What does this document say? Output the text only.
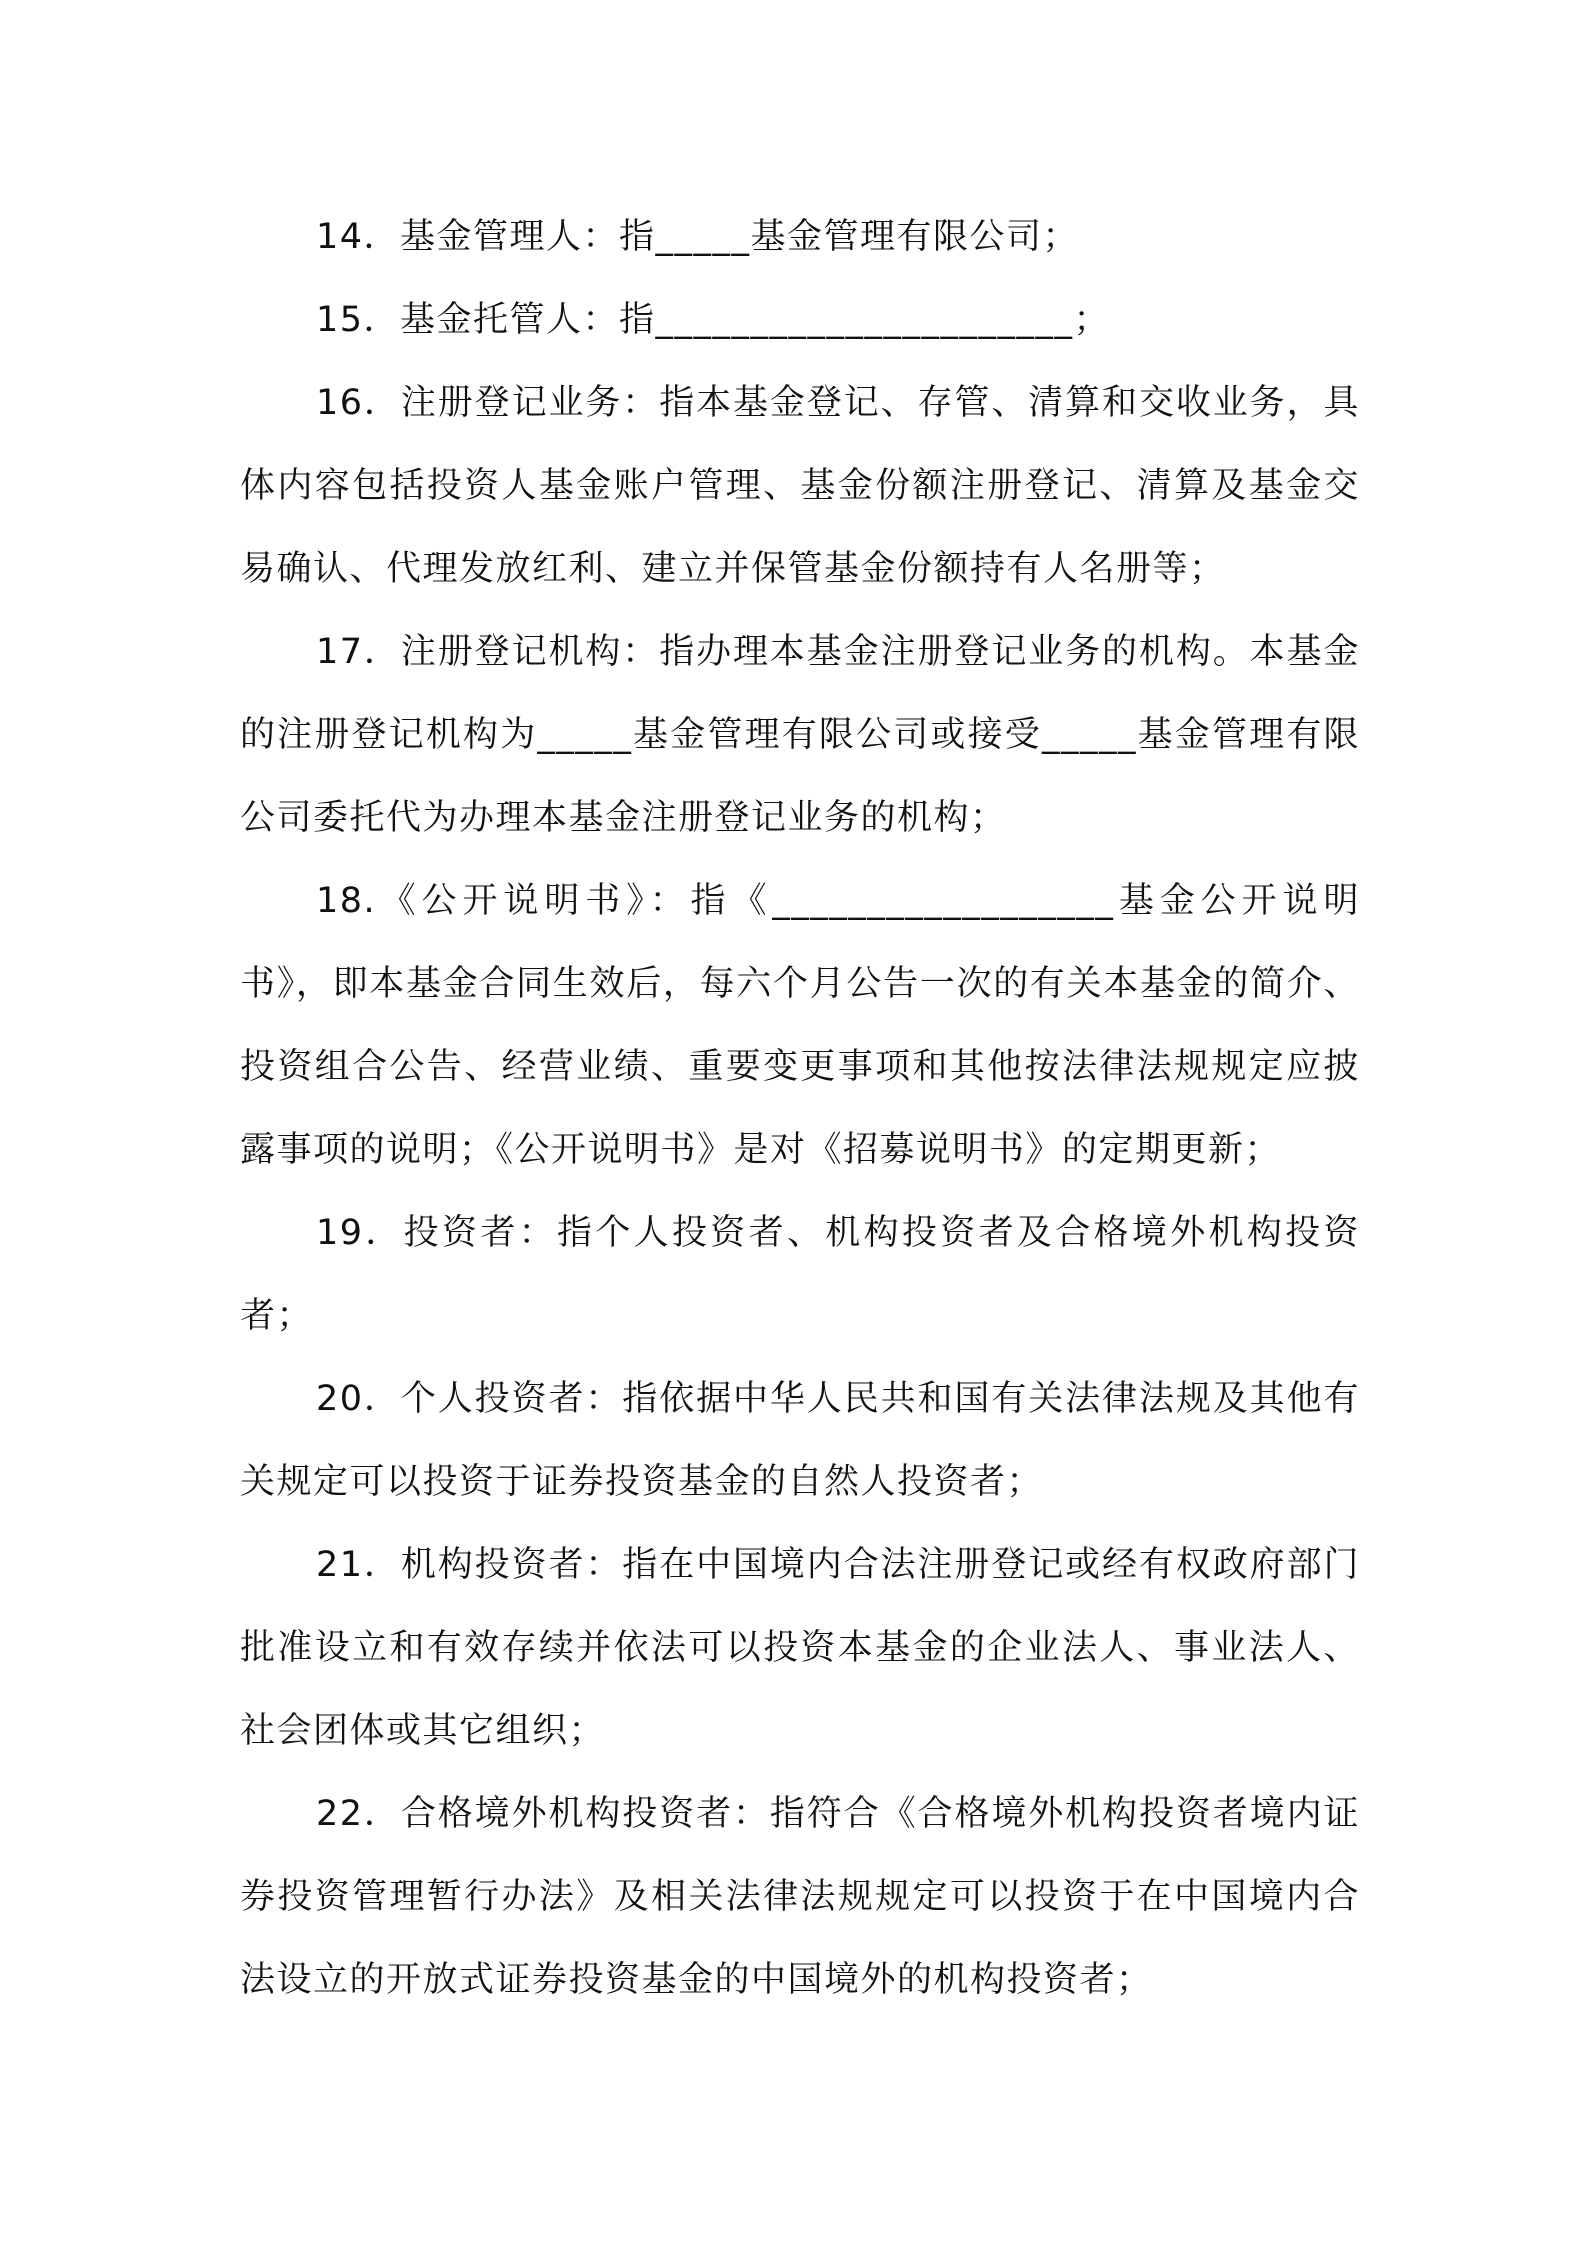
14．基金管理人：指_____基金管理有限公司；

15．基金托管人：指______________________；

16．注册登记业务：指本基金登记、存管、清算和交收业务，具体内容包括投资人基金账户管理、基金份额注册登记、清算及基金交易确认、代理发放红利、建立并保管基金份额持有人名册等；

17．注册登记机构：指办理本基金注册登记业务的机构。本基金的注册登记机构为_____基金管理有限公司或接受_____基金管理有限公司委托代为办理本基金注册登记业务的机构；

18.《公开说明书》：指《__________________基金公开说明书》，即本基金合同生效后，每六个月公告一次的有关本基金的简介、投资组合公告、经营业绩、重要变更事项和其他按法律法规规定应披露事项的说明；《公开说明书》是对《招募说明书》的定期更新；

19．投资者：指个人投资者、机构投资者及合格境外机构投资者；

20．个人投资者：指依据中华人民共和国有关法律法规及其他有关规定可以投资于证券投资基金的自然人投资者；

21．机构投资者：指在中国境内合法注册登记或经有权政府部门批准设立和有效存续并依法可以投资本基金的企业法人、事业法人、社会团体或其它组织；

22．合格境外机构投资者：指符合《合格境外机构投资者境内证券投资管理暂行办法》及相关法律法规规定可以投资于在中国境内合法设立的开放式证券投资基金的中国境外的机构投资者；
